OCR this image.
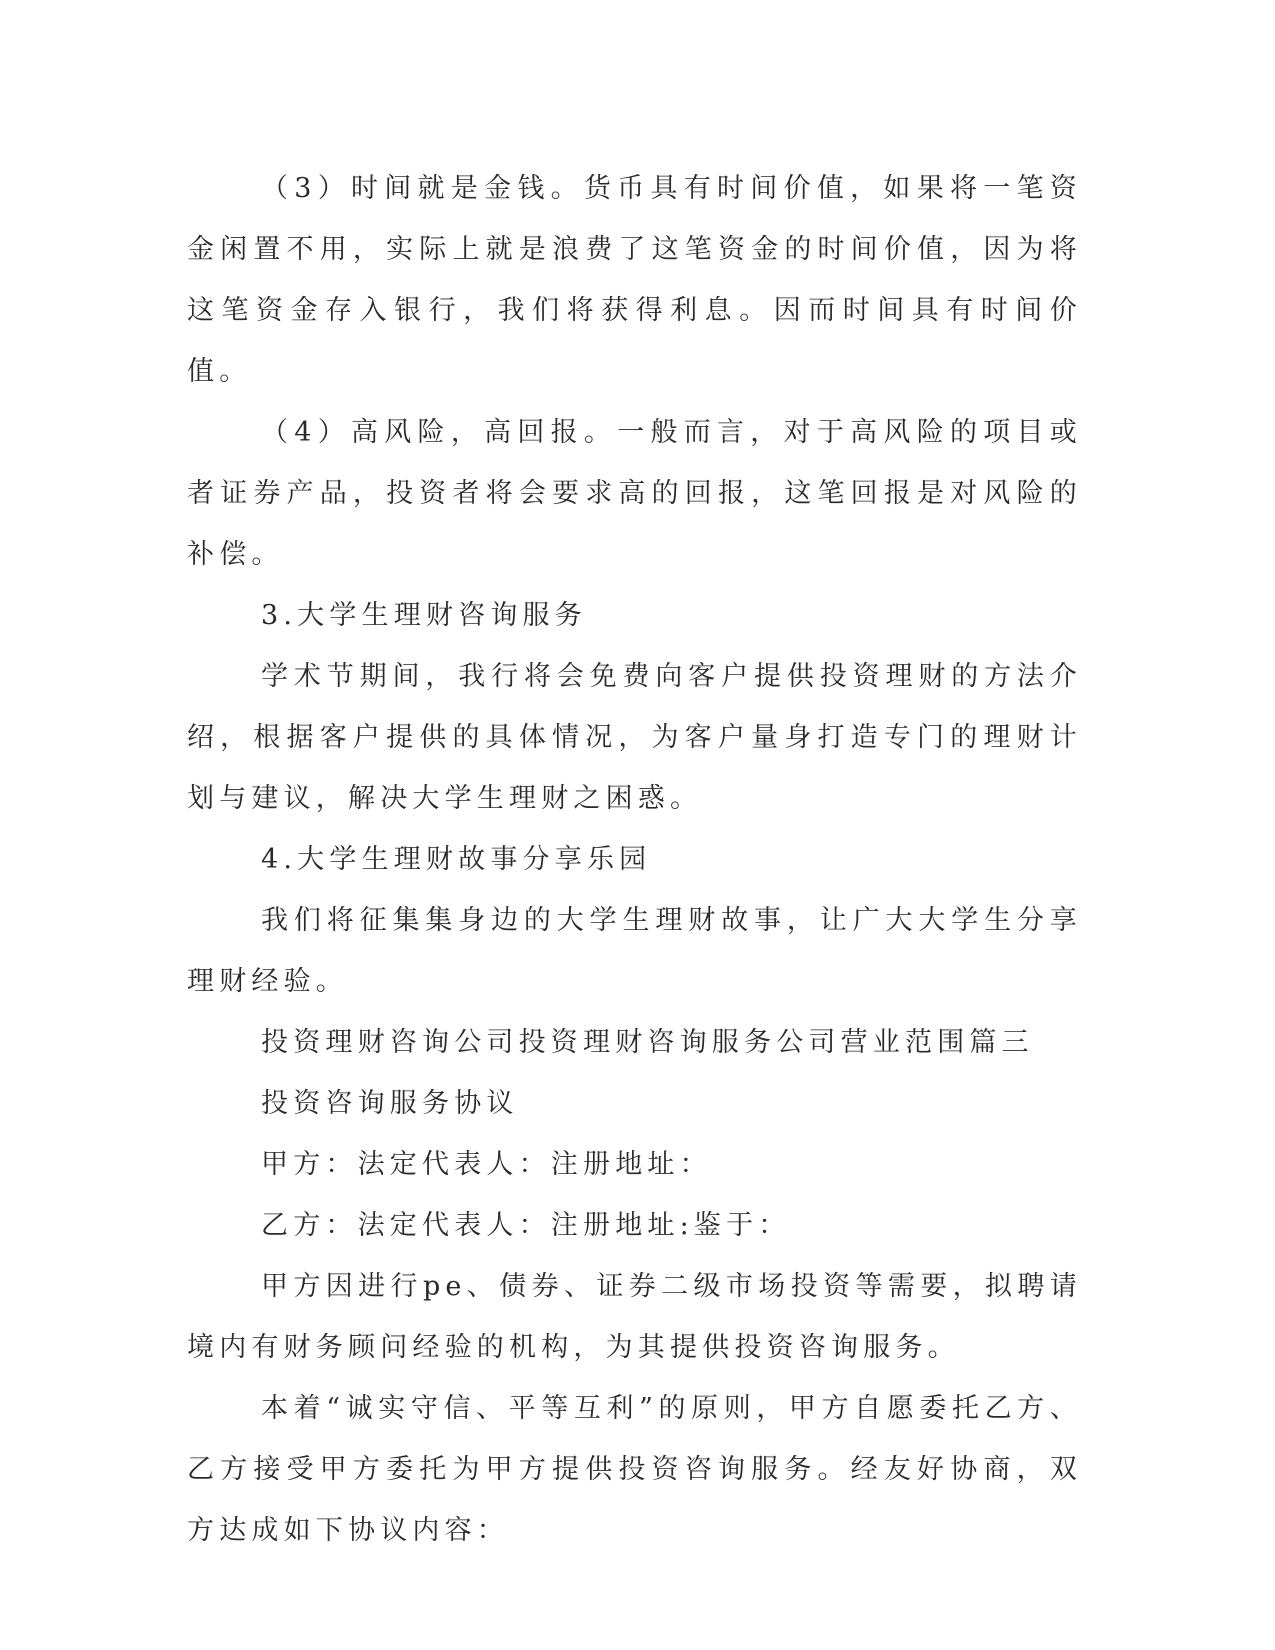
（3）时间就是金钱。货币具有时间价值，如果将一笔资金闲置不用，实际上就是浪费了这笔资金的时间价值，因为将这笔资金存入银行，我们将获得利息。因而时间具有时间价值。

（4）高风险，高回报。一般而言，对于高风险的项目或者证券产品，投资者将会要求高的回报，这笔回报是对风险的补偿。

3.大学生理财咨询服务

学术节期间，我行将会免费向客户提供投资理财的方法介绍，根据客户提供的具体情况，为客户量身打造专门的理财计划与建议，解决大学生理财之困惑。

4.大学生理财故事分享乐园

我们将征集集身边的大学生理财故事，让广大大学生分享理财经验。

投资理财咨询公司投资理财咨询服务公司营业范围篇三

投资咨询服务协议

甲方：法定代表人：注册地址：

乙方：法定代表人：注册地址:鉴于：

甲方因进行pe、债券、证券二级市场投资等需要，拟聘请境内有财务顾问经验的机构，为其提供投资咨询服务。

本着“诚实守信、平等互利”的原则，甲方自愿委托乙方、乙方接受甲方委托为甲方提供投资咨询服务。经友好协商，双方达成如下协议内容：
